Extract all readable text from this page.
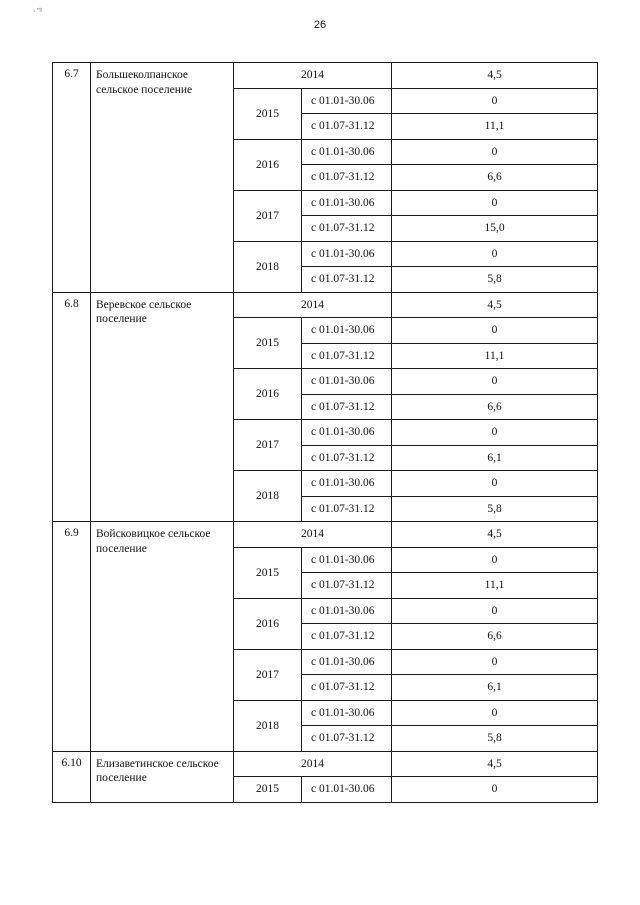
ゝ"ᵇ
26
6.7	Большеколпанское сельское поселение	2014		4,5
		2015	с 01.01-30.06	0
			с 01.07-31.12	11,1
		2016	с 01.01-30.06	0
			с 01.07-31.12	6,6
		2017	с 01.01-30.06	0
			с 01.07-31.12	15,0
		2018	с 01.01-30.06	0
			с 01.07-31.12	5,8
6.8	Веревское сельское поселение	2014		4,5
		2015	с 01.01-30.06	0
			с 01.07-31.12	11,1
		2016	с 01.01-30.06	0
			с 01.07-31.12	6,6
		2017	с 01.01-30.06	0
			с 01.07-31.12	6,1
		2018	с 01.01-30.06	0
			с 01.07-31.12	5,8
6.9	Войсковицкое сельское поселение	2014		4,5
		2015	с 01.01-30.06	0
			с 01.07-31.12	11,1
		2016	с 01.01-30.06	0
			с 01.07-31.12	6,6
		2017	с 01.01-30.06	0
			с 01.07-31.12	6,1
		2018	с 01.01-30.06	0
			с 01.07-31.12	5,8
6.10	Елизаветинское сельское поселение	2014		4,5
		2015	с 01.01-30.06	0
